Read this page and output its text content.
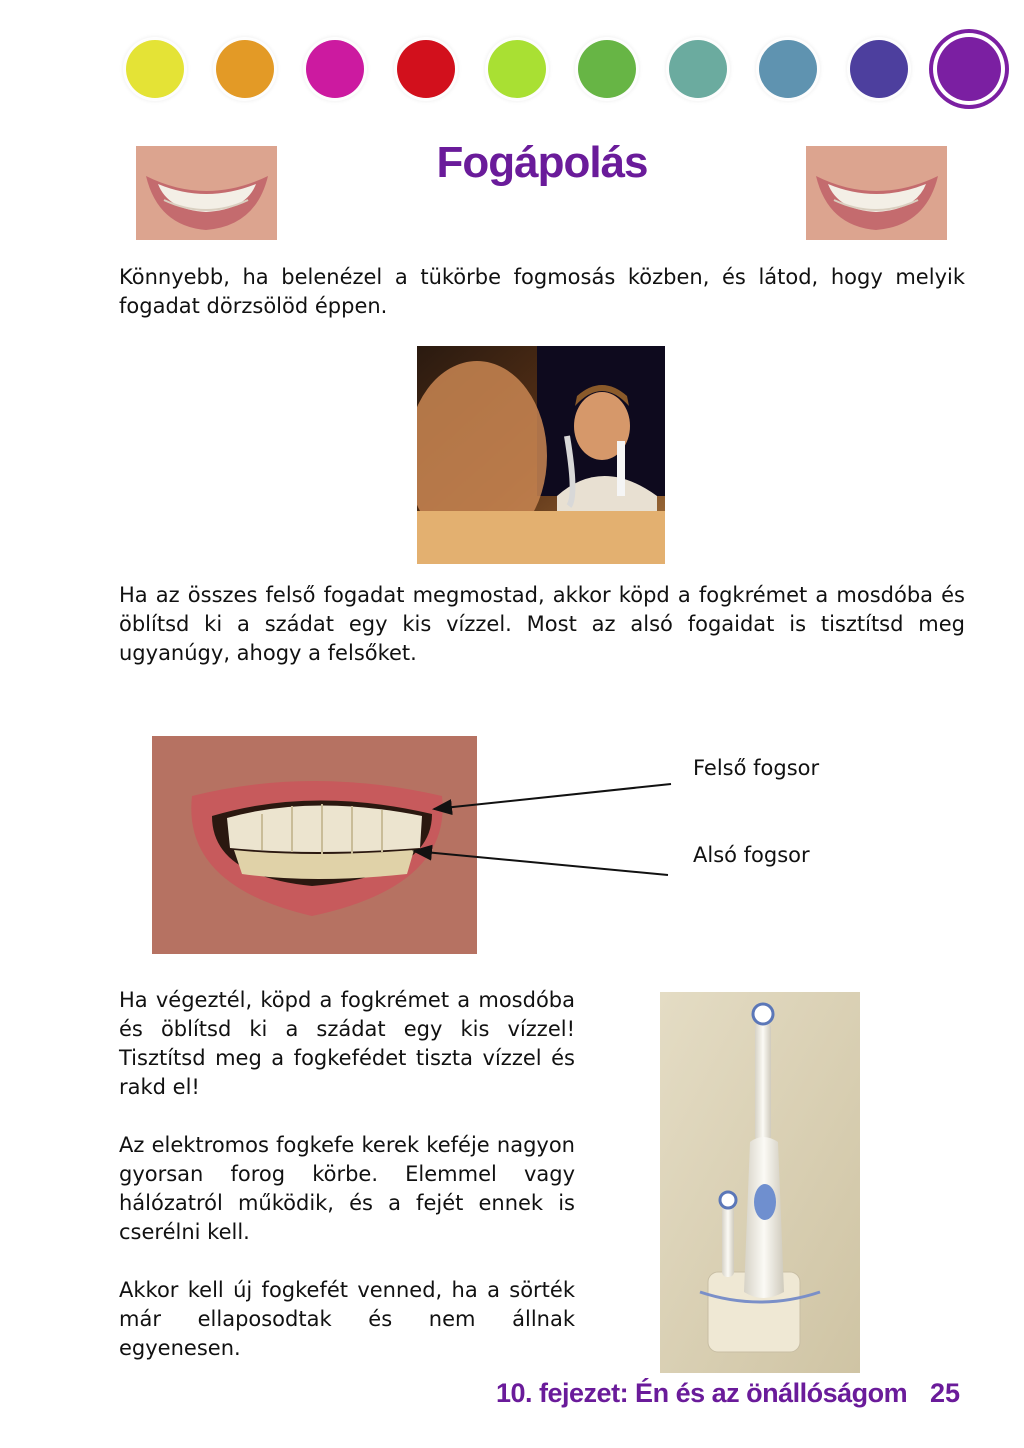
Fogápolás

Könnyebb, ha belenézel a tükörbe fogmosás közben, és látod, hogy melyik fogadat dörzsölöd éppen.

Ha az összes felső fogadat megmostad, akkor köpd a fogkrémet a mosdóba és öblítsd ki a szádat egy kis vízzel. Most az alsó fogaidat is tisztítsd meg ugyanúgy, ahogy a felsőket.

Felső fogsor
Alsó fogsor

Ha végeztél, köpd a fogkrémet a mosdóba és öblítsd ki a szádat egy kis vízzel! Tisztítsd meg a fogkefédet tiszta vízzel és rakd el!

Az elektromos fogkefe kerek keféje nagyon gyorsan forog körbe. Elemmel vagy hálózatról működik, és a fejét ennek is cserélni kell.

Akkor kell új fogkefét venned, ha a sörték már ellaposodtak és nem állnak egyenesen.

10. fejezet: Én és az önállóságom 25
